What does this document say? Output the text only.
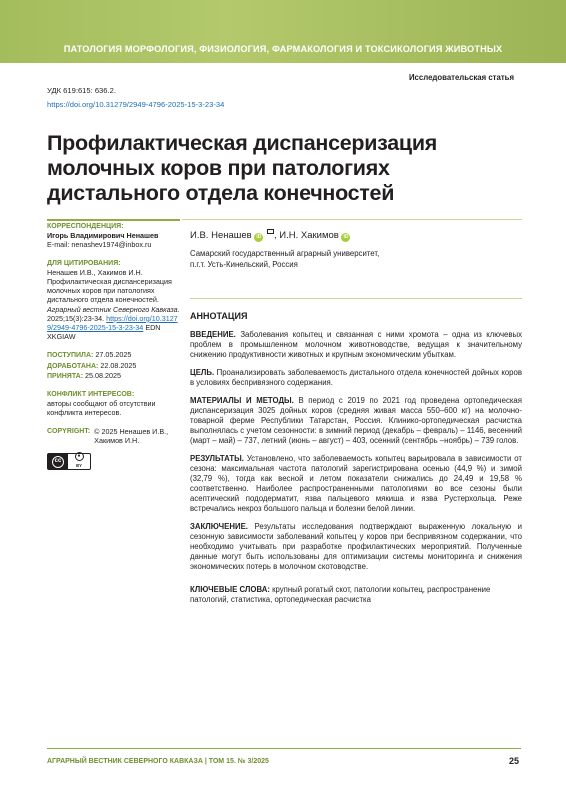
ПАТОЛОГИЯ МОРФОЛОГИЯ, ФИЗИОЛОГИЯ, ФАРМАКОЛОГИЯ И ТОКСИКОЛОГИЯ ЖИВОТНЫХ
Исследовательская статья
УДК 619:615: 636.2.
https://doi.org/10.31279/2949-4796-2025-15-3-23-34
Профилактическая диспансеризация молочных коров при патологиях дистального отдела конечностей
КОРРЕСПОНДЕНЦИЯ:
Игорь Владимирович Ненашев
E-mail: nenashev1974@inbox.ru
ДЛЯ ЦИТИРОВАНИЯ:
Ненашев И.В., Хакимов И.Н. Профилактическая диспансеризация молочных коров при патологиях дистального отдела конечностей. Аграрный вестник Северного Кавказа. 2025;15(3):23-34. https://doi.org/10.31279/2949-4796-2025-15-3-23-34 EDN XKGIAW
ПОСТУПИЛА: 27.05.2025
ДОРАБОТАНА: 22.08.2025
ПРИНЯТА: 25.08.2025
КОНФЛИКТ ИНТЕРЕСОВ:
авторы сообщают об отсутствии конфликта интересов.
COPYRIGHT: © 2025 Ненашев И.В., Хакимов И.Н.
cc
●
BY
И.В. Ненашев iD , И.Н. Хакимов iD
Самарский государственный аграрный университет,
п.г.т. Усть-Кинельский, Россия
АННОТАЦИЯ

ВВЕДЕНИЕ. Заболевания копытец и связанная с ними хромота – одна из ключевых проблем в промышленном молочном животноводстве, ведущая к значительному снижению продуктивности животных и крупным экономическим убыткам.

ЦЕЛЬ. Проанализировать заболеваемость дистального отдела конечностей дойных коров в условиях беспривязного содержания.

МАТЕРИАЛЫ И МЕТОДЫ. В период с 2019 по 2021 год проведена ортопедическая диспансеризация 3025 дойных коров (средняя живая масса 550–600 кг) на молочно-товарной ферме Республики Татарстан, Россия. Клинико-ортопедическая расчистка выполнялась с учетом сезонности: в зимний период (декабрь – февраль) – 1146, весенний (март – май) – 737, летний (июнь – август) – 403, осенний (сентябрь –ноябрь) – 739 голов.

РЕЗУЛЬТАТЫ. Установлено, что заболеваемость копытец варьировала в зависимости от сезона: максимальная частота патологий зарегистрирована осенью (44,9 %) и зимой (32,79 %), тогда как весной и летом показатели снижались до 24,49 и 19,58 % соответственно. Наиболее распространенными патологиями во все сезоны были асептический пододерматит, язва пальцевого мякиша и язва Рустерхольца. Реже встречались некроз большого пальца и болезни белой линии.

ЗАКЛЮЧЕНИЕ. Результаты исследования подтверждают выраженную локальную и сезонную зависимости заболеваний копытец у коров при беспривязном содержании, что необходимо учитывать при разработке профилактических мероприятий. Полученные данные могут быть использованы для оптимизации системы мониторинга и снижения экономических потерь в молочном скотоводстве.

КЛЮЧЕВЫЕ СЛОВА: крупный рогатый скот, патологии копытец, распространение патологий, статистика, ортопедическая расчистка

АГРАРНЫЙ ВЕСТНИК СЕВЕРНОГО КАВКАЗА | ТОМ 15. № 3/2025	25
